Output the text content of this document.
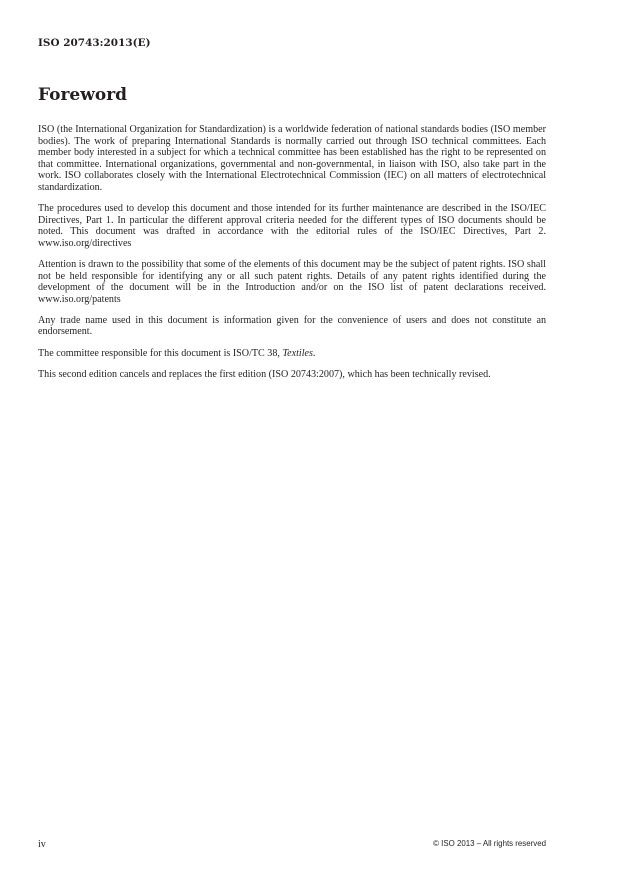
ISO 20743:2013(E)

Foreword

ISO (the International Organization for Standardization) is a worldwide federation of national standards bodies (ISO member bodies). The work of preparing International Standards is normally carried out through ISO technical committees. Each member body interested in a subject for which a technical committee has been established has the right to be represented on that committee. International organizations, governmental and non-governmental, in liaison with ISO, also take part in the work. ISO collaborates closely with the International Electrotechnical Commission (IEC) on all matters of electrotechnical standardization.

The procedures used to develop this document and those intended for its further maintenance are described in the ISO/IEC Directives, Part 1. In particular the different approval criteria needed for the different types of ISO documents should be noted. This document was drafted in accordance with the editorial rules of the ISO/IEC Directives, Part 2. www.iso.org/directives

Attention is drawn to the possibility that some of the elements of this document may be the subject of patent rights. ISO shall not be held responsible for identifying any or all such patent rights. Details of any patent rights identified during the development of the document will be in the Introduction and/or on the ISO list of patent declarations received. www.iso.org/patents

Any trade name used in this document is information given for the convenience of users and does not constitute an endorsement.

The committee responsible for this document is ISO/TC 38, Textiles.

This second edition cancels and replaces the first edition (ISO 20743:2007), which has been technically revised.

iv	© ISO 2013 – All rights reserved
